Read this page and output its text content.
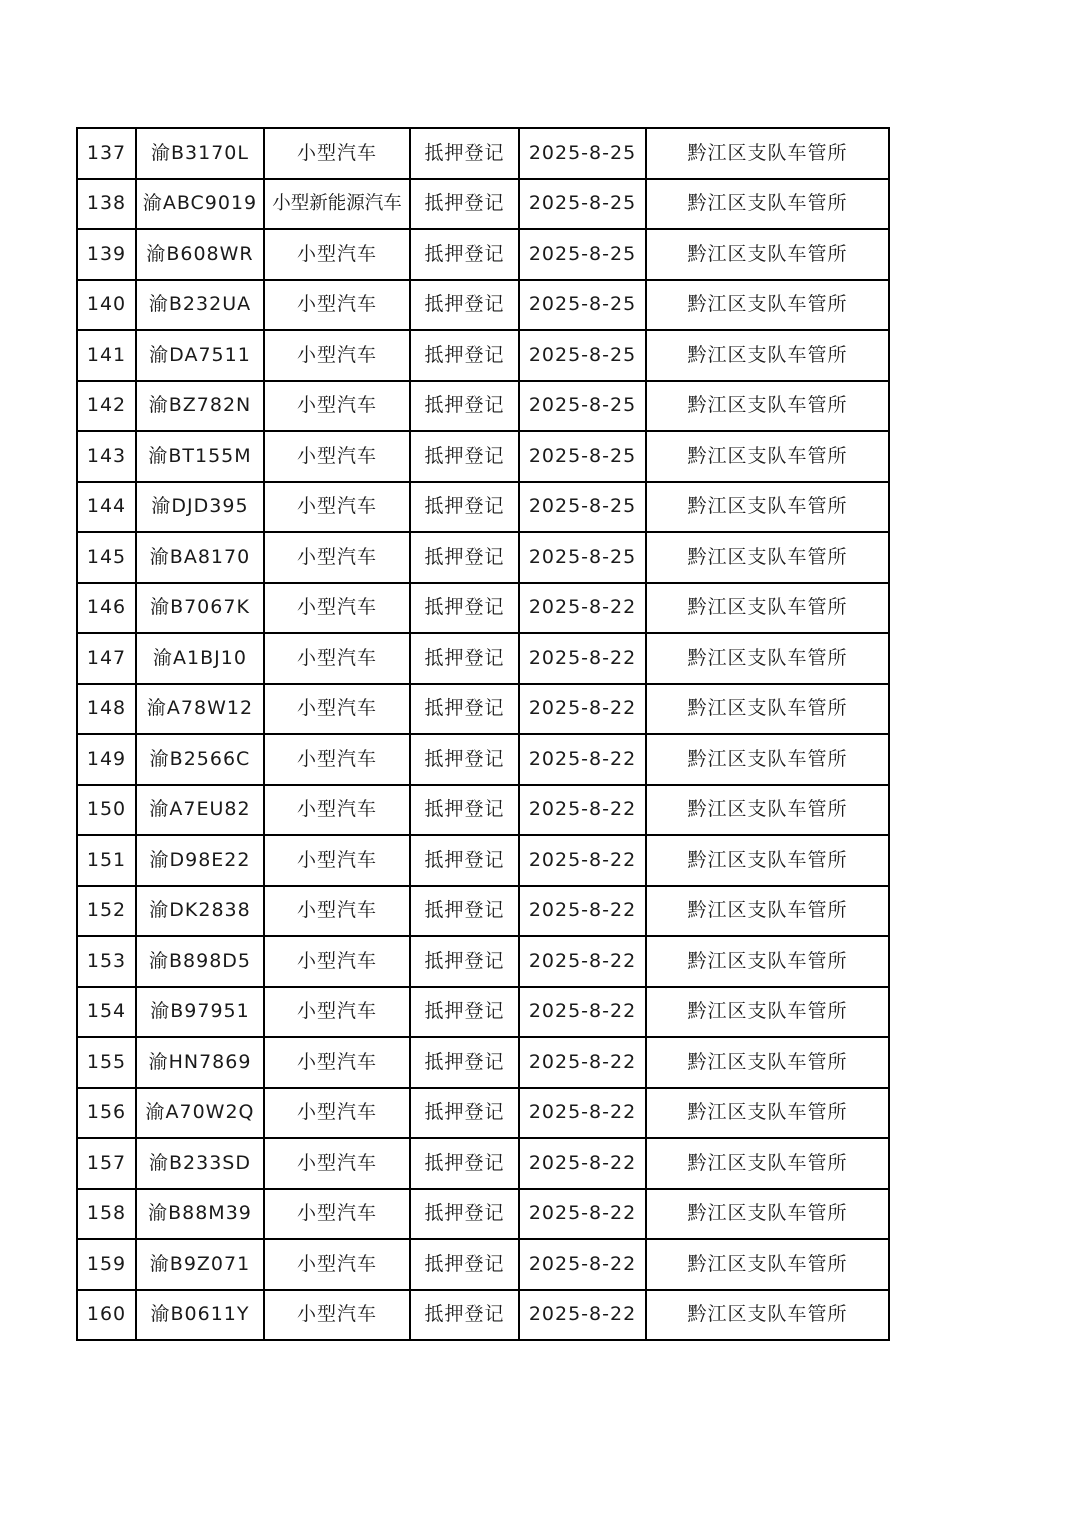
137	渝B3170L	小型汽车	抵押登记	2025-8-25	黔江区支队车管所
138	渝ABC9019	小型新能源汽车	抵押登记	2025-8-25	黔江区支队车管所
139	渝B608WR	小型汽车	抵押登记	2025-8-25	黔江区支队车管所
140	渝B232UA	小型汽车	抵押登记	2025-8-25	黔江区支队车管所
141	渝DA7511	小型汽车	抵押登记	2025-8-25	黔江区支队车管所
142	渝BZ782N	小型汽车	抵押登记	2025-8-25	黔江区支队车管所
143	渝BT155M	小型汽车	抵押登记	2025-8-25	黔江区支队车管所
144	渝DJD395	小型汽车	抵押登记	2025-8-25	黔江区支队车管所
145	渝BA8170	小型汽车	抵押登记	2025-8-25	黔江区支队车管所
146	渝B7067K	小型汽车	抵押登记	2025-8-22	黔江区支队车管所
147	渝A1BJ10	小型汽车	抵押登记	2025-8-22	黔江区支队车管所
148	渝A78W12	小型汽车	抵押登记	2025-8-22	黔江区支队车管所
149	渝B2566C	小型汽车	抵押登记	2025-8-22	黔江区支队车管所
150	渝A7EU82	小型汽车	抵押登记	2025-8-22	黔江区支队车管所
151	渝D98E22	小型汽车	抵押登记	2025-8-22	黔江区支队车管所
152	渝DK2838	小型汽车	抵押登记	2025-8-22	黔江区支队车管所
153	渝B898D5	小型汽车	抵押登记	2025-8-22	黔江区支队车管所
154	渝B97951	小型汽车	抵押登记	2025-8-22	黔江区支队车管所
155	渝HN7869	小型汽车	抵押登记	2025-8-22	黔江区支队车管所
156	渝A70W2Q	小型汽车	抵押登记	2025-8-22	黔江区支队车管所
157	渝B233SD	小型汽车	抵押登记	2025-8-22	黔江区支队车管所
158	渝B88M39	小型汽车	抵押登记	2025-8-22	黔江区支队车管所
159	渝B9Z071	小型汽车	抵押登记	2025-8-22	黔江区支队车管所
160	渝B0611Y	小型汽车	抵押登记	2025-8-22	黔江区支队车管所
